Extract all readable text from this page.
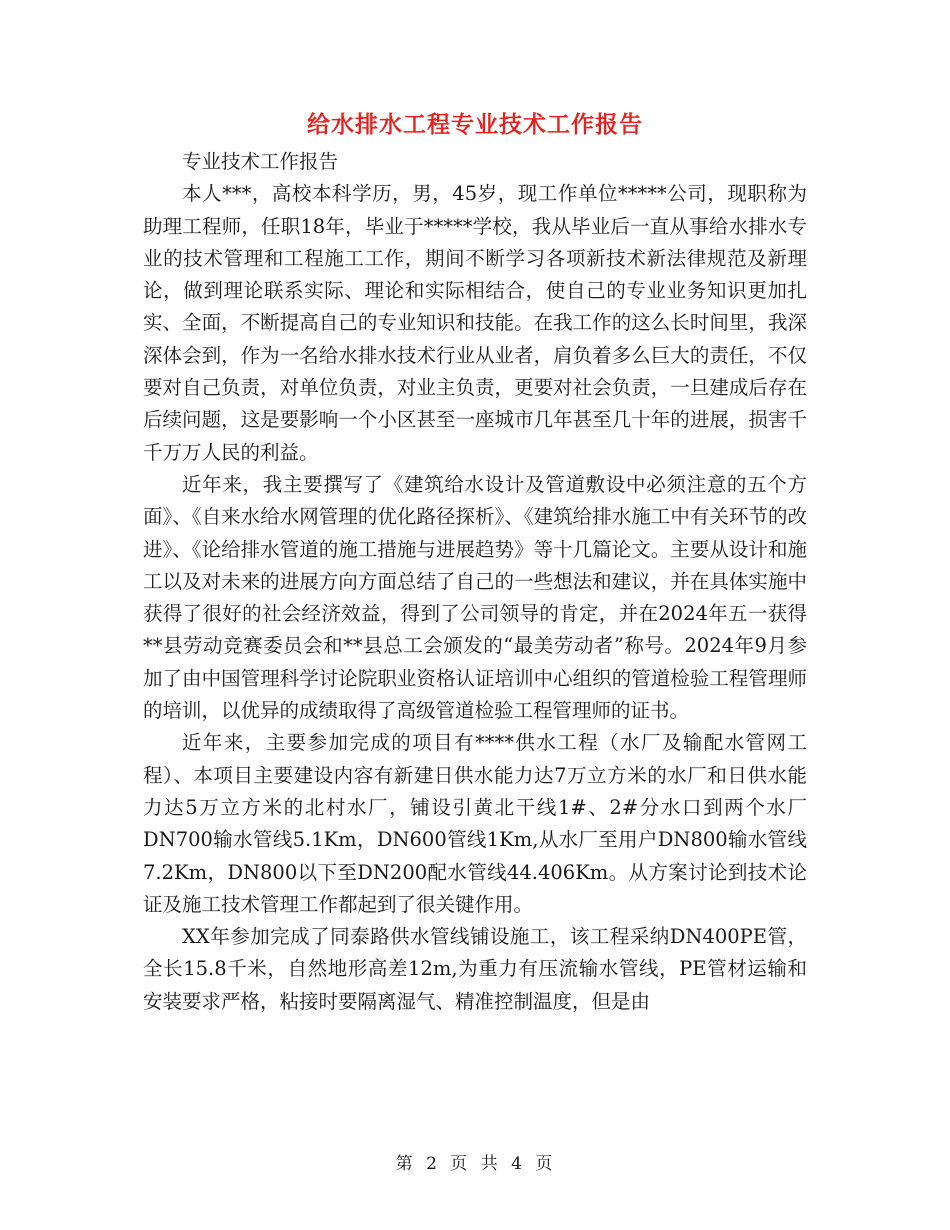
给水排水工程专业技术工作报告

专业技术工作报告

本人***，高校本科学历，男，45岁，现工作单位*****公司，现职称为助理工程师，任职18年，毕业于*****学校，我从毕业后一直从事给水排水专业的技术管理和工程施工工作，期间不断学习各项新技术新法律规范及新理论，做到理论联系实际、理论和实际相结合，使自己的专业业务知识更加扎实、全面，不断提高自己的专业知识和技能。在我工作的这么长时间里，我深深体会到，作为一名给水排水技术行业从业者，肩负着多么巨大的责任，不仅要对自己负责，对单位负责，对业主负责，更要对社会负责，一旦建成后存在后续问题，这是要影响一个小区甚至一座城市几年甚至几十年的进展，损害千千万万人民的利益。

近年来，我主要撰写了《建筑给水设计及管道敷设中必须注意的五个方面》、《自来水给水网管理的优化路径探析》、《建筑给排水施工中有关环节的改进》、《论给排水管道的施工措施与进展趋势》等十几篇论文。主要从设计和施工以及对未来的进展方向方面总结了自己的一些想法和建议，并在具体实施中获得了很好的社会经济效益，得到了公司领导的肯定，并在2024年五一获得**县劳动竞赛委员会和**县总工会颁发的“最美劳动者”称号。2024年9月参加了由中国管理科学讨论院职业资格认证培训中心组织的管道检验工程管理师的培训，以优异的成绩取得了高级管道检验工程管理师的证书。

近年来，主要参加完成的项目有****供水工程（水厂及输配水管网工程）、本项目主要建设内容有新建日供水能力达7万立方米的水厂和日供水能力达5万立方米的北村水厂，铺设引黄北干线1#、2#分水口到两个水厂DN700输水管线5.1Km，DN600管线1Km,从水厂至用户DN800输水管线7.2Km，DN800以下至DN200配水管线44.406Km。从方案讨论到技术论证及施工技术管理工作都起到了很关键作用。

XX年参加完成了同泰路供水管线铺设施工，该工程采纳DN400PE管，全长15.8千米，自然地形高差12m,为重力有压流输水管线，PE管材运输和安装要求严格，粘接时要隔离湿气、精准控制温度，但是由

第 2 页 共 4 页
